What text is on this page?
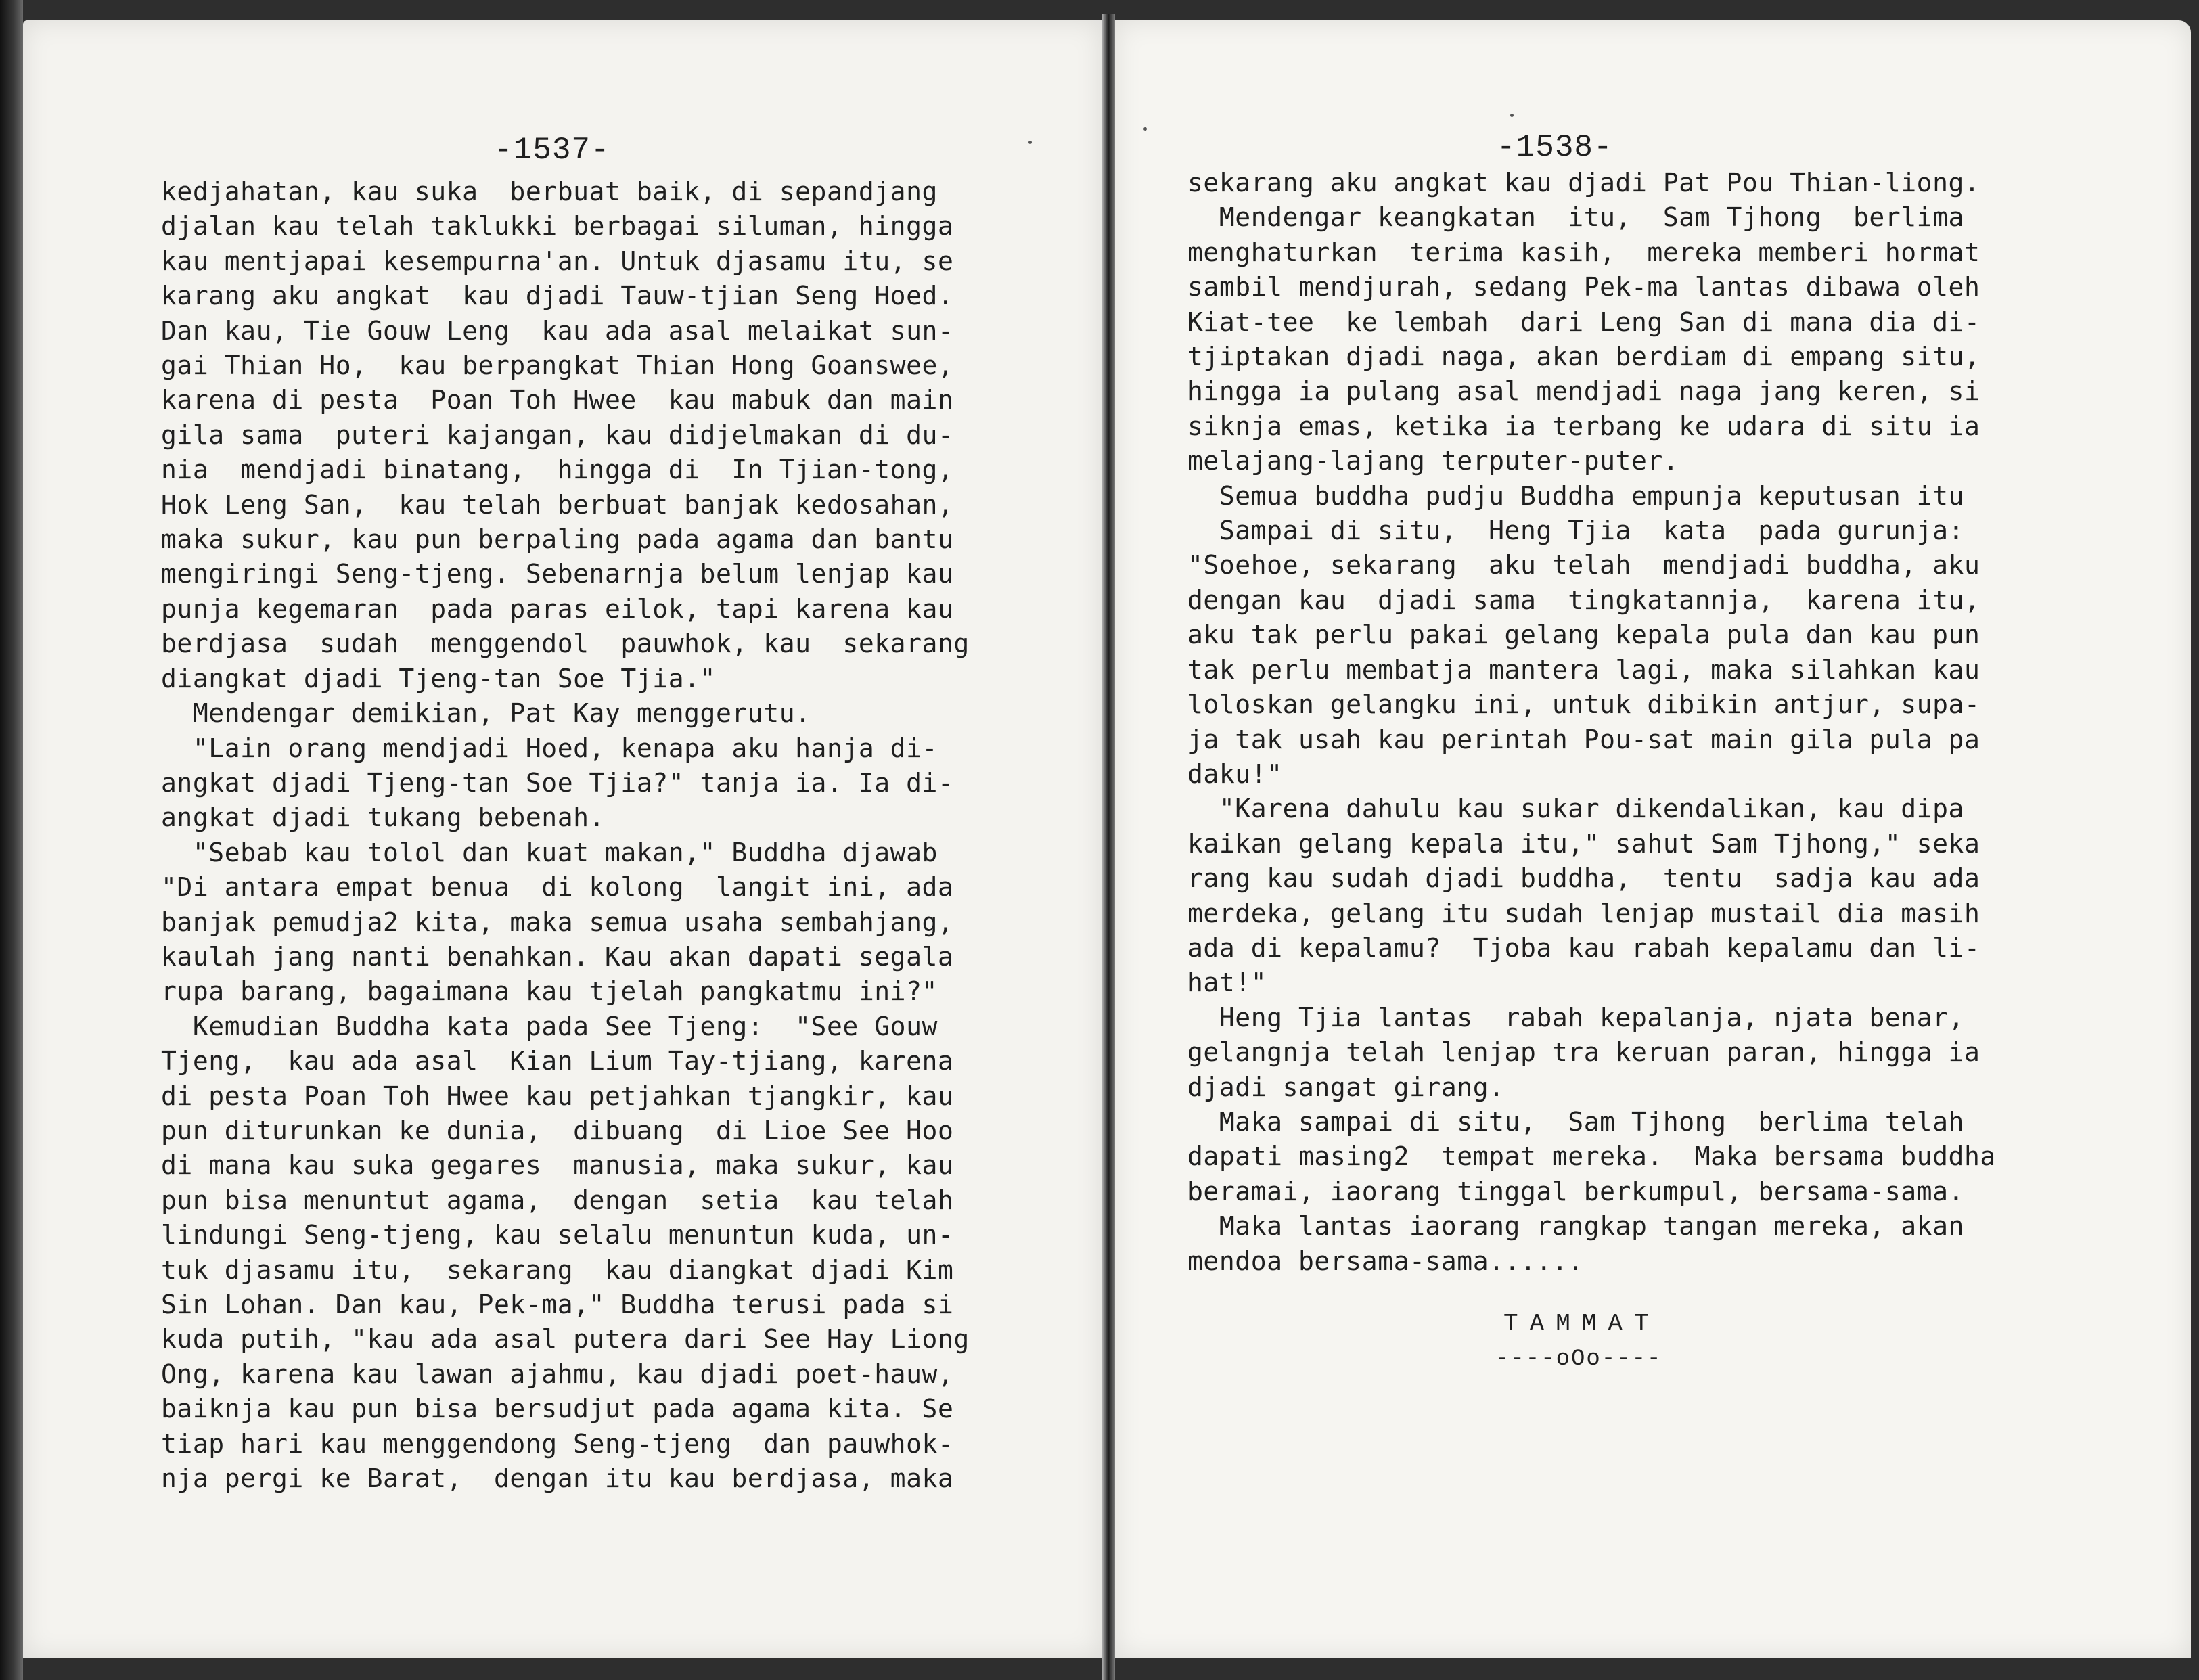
-1537-

kedjahatan, kau suka  berbuat baik, di sepandjang
djalan kau telah taklukki berbagai siluman, hingga
kau mentjapai kesempurna'an. Untuk djasamu itu, se
karang aku angkat  kau djadi Tauw-tjian Seng Hoed.
Dan kau, Tie Gouw Leng  kau ada asal melaikat sun-
gai Thian Ho,  kau berpangkat Thian Hong Goanswee,
karena di pesta  Poan Toh Hwee  kau mabuk dan main
gila sama  puteri kajangan, kau didjelmakan di du-
nia  mendjadi binatang,  hingga di  In Tjian-tong,
Hok Leng San,  kau telah berbuat banjak kedosahan,
maka sukur, kau pun berpaling pada agama dan bantu
mengiringi Seng-tjeng. Sebenarnja belum lenjap kau
punja kegemaran  pada paras eilok, tapi karena kau
berdjasa  sudah  menggendol  pauwhok, kau  sekarang
diangkat djadi Tjeng-tan Soe Tjia."
Mendengar demikian, Pat Kay menggerutu.
"Lain orang mendjadi Hoed, kenapa aku hanja di-
angkat djadi Tjeng-tan Soe Tjia?" tanja ia. Ia di-
angkat djadi tukang bebenah.
"Sebab kau tolol dan kuat makan," Buddha djawab
"Di antara empat benua  di kolong  langit ini, ada
banjak pemudja2 kita, maka semua usaha sembahjang,
kaulah jang nanti benahkan. Kau akan dapati segala
rupa barang, bagaimana kau tjelah pangkatmu ini?"
Kemudian Buddha kata pada See Tjeng:  "See Gouw
Tjeng,  kau ada asal  Kian Lium Tay-tjiang, karena
di pesta Poan Toh Hwee kau petjahkan tjangkir, kau
pun diturunkan ke dunia,  dibuang  di Lioe See Hoo
di mana kau suka gegares  manusia, maka sukur, kau
pun bisa menuntut agama,  dengan  setia  kau telah
lindungi Seng-tjeng, kau selalu menuntun kuda, un-
tuk djasamu itu,  sekarang  kau diangkat djadi Kim
Sin Lohan. Dan kau, Pek-ma," Buddha terusi pada si
kuda putih, "kau ada asal putera dari See Hay Liong
Ong, karena kau lawan ajahmu, kau djadi poet-hauw,
baiknja kau pun bisa bersudjut pada agama kita. Se
tiap hari kau menggendong Seng-tjeng  dan pauwhok-
nja pergi ke Barat,  dengan itu kau berdjasa, maka

-1538-

sekarang aku angkat kau djadi Pat Pou Thian-liong.
Mendengar keangkatan  itu,  Sam Tjhong  berlima
menghaturkan  terima kasih,  mereka memberi hormat
sambil mendjurah, sedang Pek-ma lantas dibawa oleh
Kiat-tee  ke lembah  dari Leng San di mana dia di-
tjiptakan djadi naga, akan berdiam di empang situ,
hingga ia pulang asal mendjadi naga jang keren, si
siknja emas, ketika ia terbang ke udara di situ ia
melajang-lajang terputer-puter.
Semua buddha pudju Buddha empunja keputusan itu
Sampai di situ,  Heng Tjia  kata  pada gurunja:
"Soehoe, sekarang  aku telah  mendjadi buddha, aku
dengan kau  djadi sama  tingkatannja,  karena itu,
aku tak perlu pakai gelang kepala pula dan kau pun
tak perlu membatja mantera lagi, maka silahkan kau
loloskan gelangku ini, untuk dibikin antjur, supa-
ja tak usah kau perintah Pou-sat main gila pula pa
daku!"
"Karena dahulu kau sukar dikendalikan, kau dipa
kaikan gelang kepala itu," sahut Sam Tjhong," seka
rang kau sudah djadi buddha,  tentu  sadja kau ada
merdeka, gelang itu sudah lenjap mustail dia masih
ada di kepalamu?  Tjoba kau rabah kepalamu dan li-
hat!"
Heng Tjia lantas  rabah kepalanja, njata benar,
gelangnja telah lenjap tra keruan paran, hingga ia
djadi sangat girang.
Maka sampai di situ,  Sam Tjhong  berlima telah
dapati masing2  tempat mereka.  Maka bersama buddha
beramai, iaorang tinggal berkumpul, bersama-sama.
Maka lantas iaorang rangkap tangan mereka, akan
mendoa bersama-sama......
TAMMAT
----oOo----
